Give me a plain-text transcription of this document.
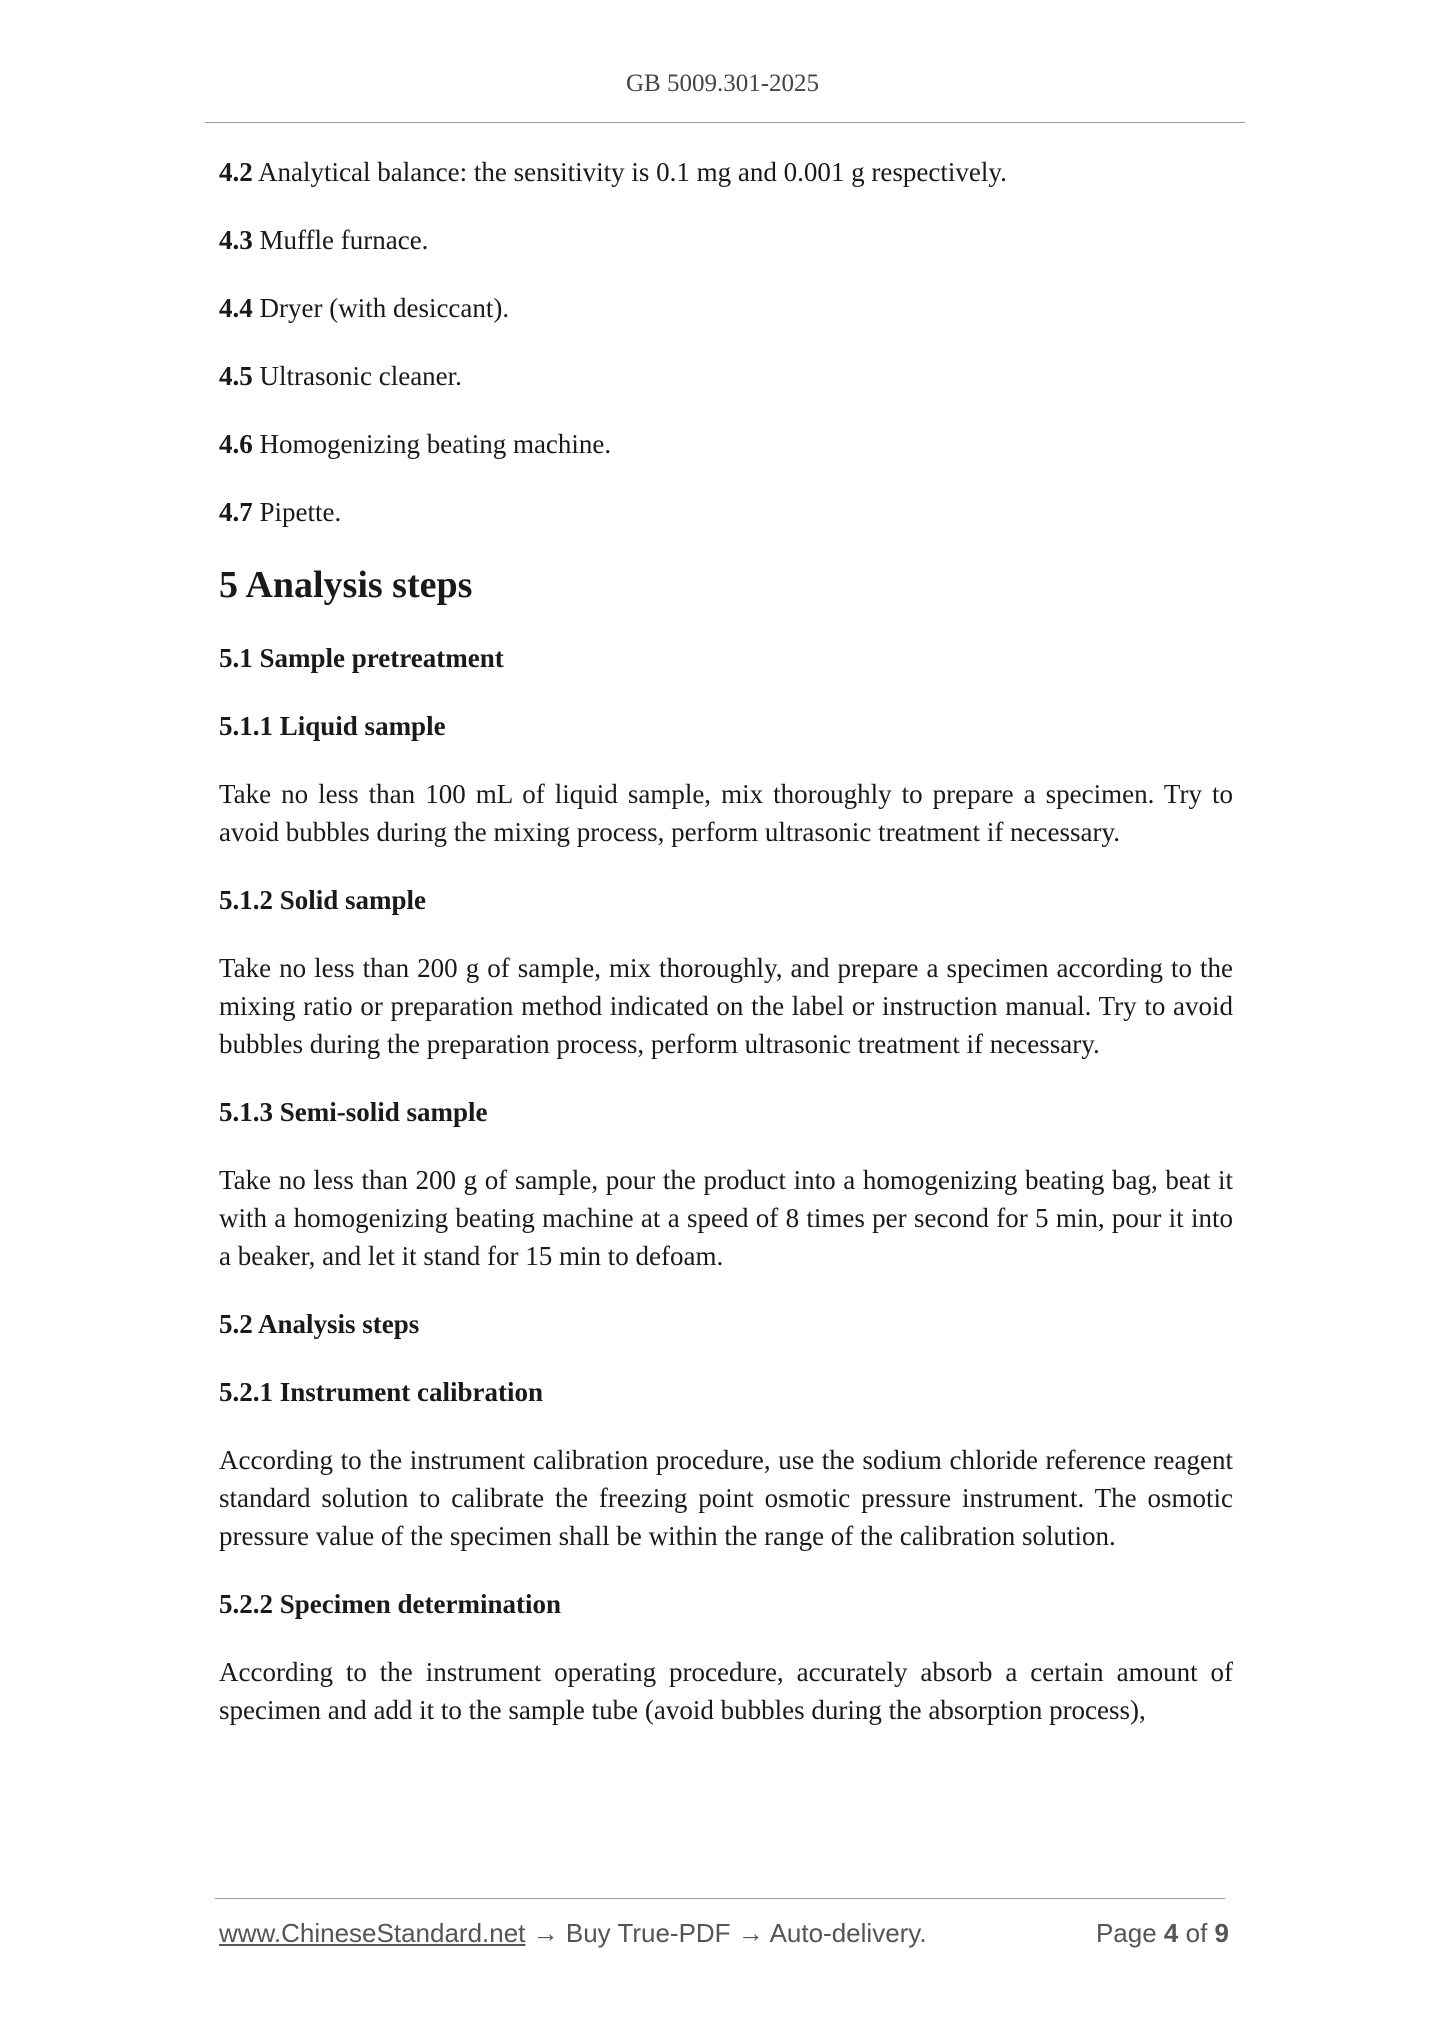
GB 5009.301-2025
4.2 Analytical balance: the sensitivity is 0.1 mg and 0.001 g respectively.
4.3 Muffle furnace.
4.4 Dryer (with desiccant).
4.5 Ultrasonic cleaner.
4.6 Homogenizing beating machine.
4.7 Pipette.
5 Analysis steps
5.1 Sample pretreatment
5.1.1 Liquid sample
Take no less than 100 mL of liquid sample, mix thoroughly to prepare a specimen. Try to avoid bubbles during the mixing process, perform ultrasonic treatment if necessary.
5.1.2 Solid sample
Take no less than 200 g of sample, mix thoroughly, and prepare a specimen according to the mixing ratio or preparation method indicated on the label or instruction manual. Try to avoid bubbles during the preparation process, perform ultrasonic treatment if necessary.
5.1.3 Semi-solid sample
Take no less than 200 g of sample, pour the product into a homogenizing beating bag, beat it with a homogenizing beating machine at a speed of 8 times per second for 5 min, pour it into a beaker, and let it stand for 15 min to defoam.
5.2 Analysis steps
5.2.1 Instrument calibration
According to the instrument calibration procedure, use the sodium chloride reference reagent standard solution to calibrate the freezing point osmotic pressure instrument. The osmotic pressure value of the specimen shall be within the range of the calibration solution.
5.2.2 Specimen determination
According to the instrument operating procedure, accurately absorb a certain amount of specimen and add it to the sample tube (avoid bubbles during the absorption process),
www.ChineseStandard.net → Buy True-PDF → Auto-delivery.	Page 4 of 9
